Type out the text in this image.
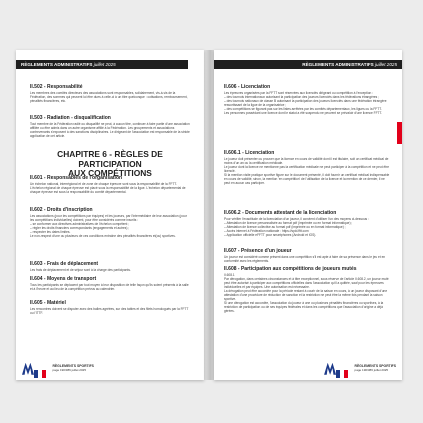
RÈGLEMENTS ADMINISTRATIFS juillet 2025
II.502 - Responsabilité
Les membres des comités directeurs des associations sont responsables, solidairement, vis-à-vis de la Fédération, des sommes qui peuvent lui être dues à celle-ci à un titre quelconque : cotisations, remboursement, pénalités financières, etc.
II.503 - Radiation - disqualification
Tout membre de la Fédération radié ou disqualifié ne peut, à aucun titre, continuer à faire partie d'une association affiliée ou être admis dans un autre organisme affilié à la Fédération. Les groupements et associations contrevenants s'exposent à des sanctions disciplinaires. Le dirigeant de l'association est responsable de la stricte application de cet article.
CHAPITRE 6 - RÈGLES DE PARTICIPATION
AUX COMPÉTITIONS
II.601 - Responsables de l'organisation
Un échelon national, interrégional et de zone de chaque épreuve sont sous la responsabilité de la FFTT.
L'échelon régional de chaque épreuve est placé sous la responsabilité de la ligue. L'échelon départemental de chaque épreuve est sous la responsabilité du comité départemental.
II.602 - Droits d'inscription
Les associations (pour les compétitions par équipes) et les joueurs, par l'intermédiaire de leur association (pour les compétitions individuelles) doivent, pour être considérés comme inscrits :
– se conformer aux directives administratives de l'échelon compétent ;
– régler les droits financiers correspondants (engagements et autres) ;
– respecter les dates limites.
Le non-respect d'une ou plusieurs de ces conditions entraîne des pénalités financières et(ou) sportives.
II.603 - Frais de déplacement
Les frais de déplacement et de séjour sont à la charge des participants.
II.604 - Moyens de transport
Tous les participants se déplacent par tout moyen à leur disposition de telle façon qu'ils soient présents à la salle et à l'heure et au lieu de la compétition prévus au calendrier.
II.605 - Matériel
Les rencontres doivent se disputer avec des balles agréées, sur des tables et des filets homologués par la FFTT ou l'ITTF.
RÈGLEMENTS SPORTIFS
page 190/386 juillet 2025
RÈGLEMENTS ADMINISTRATIFS juillet 2025
II.606 - Licenciation
Les épreuves organisées par la FFTT sont réservées aux licenciés dirigeant ou compétition à l'exception :
– des tournois internationaux autorisant la participation des joueurs licenciés dans les fédérations étrangères ;
– des tournois nationaux de classe B autorisant la participation des joueurs licenciés dans une fédération étrangère ressortissant de la ligue de la organisatrice ;
– des compétitions se figurant pas sur les listes arrêtées par les comités départementaux, les ligues ou la FFTT.
Les personnes possédant une licence dont le statut a été suspendu ne peuvent se prévaloir d'une licence FFTT.
II.606.1 - Licenciation
Le joueur doit présenter ou prouver que la licence en cours de validité dont il est titulaire, soit un certificat médical de moins d'un an ou la certification médicale.
Le joueur dont la licence ne mentionne pas la certification médicale ne peut participer à la compétition et ne peut être licencié.
Si la mention visite pratique sportive figure sur le document présenté, il doit fournir un certificat médical indispensable en cours de validité, sinon, la mention 'en compétition' de l'utilisation de la licence et la mention de ce dernier, il ne peut en aucun cas participer.
II.606.2 - Documents attestant de la licenciation
Pour vérifier l'exactitude de la licenciation d'un joueur, il convient d'utiliser l'un des moyens ci-dessous :
– Attestation de licence personnalisée au format pdf (imprimée ou en format informatique) ;
– Attestation de licence collective au format pdf (imprimée ou en format informatique) ;
– Accès internet à Fédération nationale : https://spid.fftt.com
– Application officielle eFFTT pour smartphones (Android et IOS).
II.607 - Présence d'un joueur
Un joueur est considéré comme présent dans une compétition s'il est apte à faire de sa présence dans le jeu et en conformité avec les règlements.
II.608 - Participation aux compétitions de joueurs mutés
II.608.1
Par dérogation, dans certaines circonstances et à titre exceptionnel, sous réserve de l'article II.608.2, un joueur muté peut être autorisé à participer aux compétitions officielles dans l'association qu'il a quittée, sauf pour les épreuves individuelles et par équipes. Une autorisation est nécessaire.
La dérogation peut être accordée pour la période restant à courir de la saison en cours, à un joueur disposant d'une attestation d'une procédure de réduction de sanction et la restriction ne peut être la même fois pendant la saison sportive.
Si une dérogation est accordée, l'association du joueur à une ou plusieurs pénalités financières ou sportives, à la restriction de participation ou de ses équipes fédérales et dans les compétitions que l'association d'origine a déjà gérées.
RÈGLEMENTS SPORTIFS
page 190/386 juillet 2025
